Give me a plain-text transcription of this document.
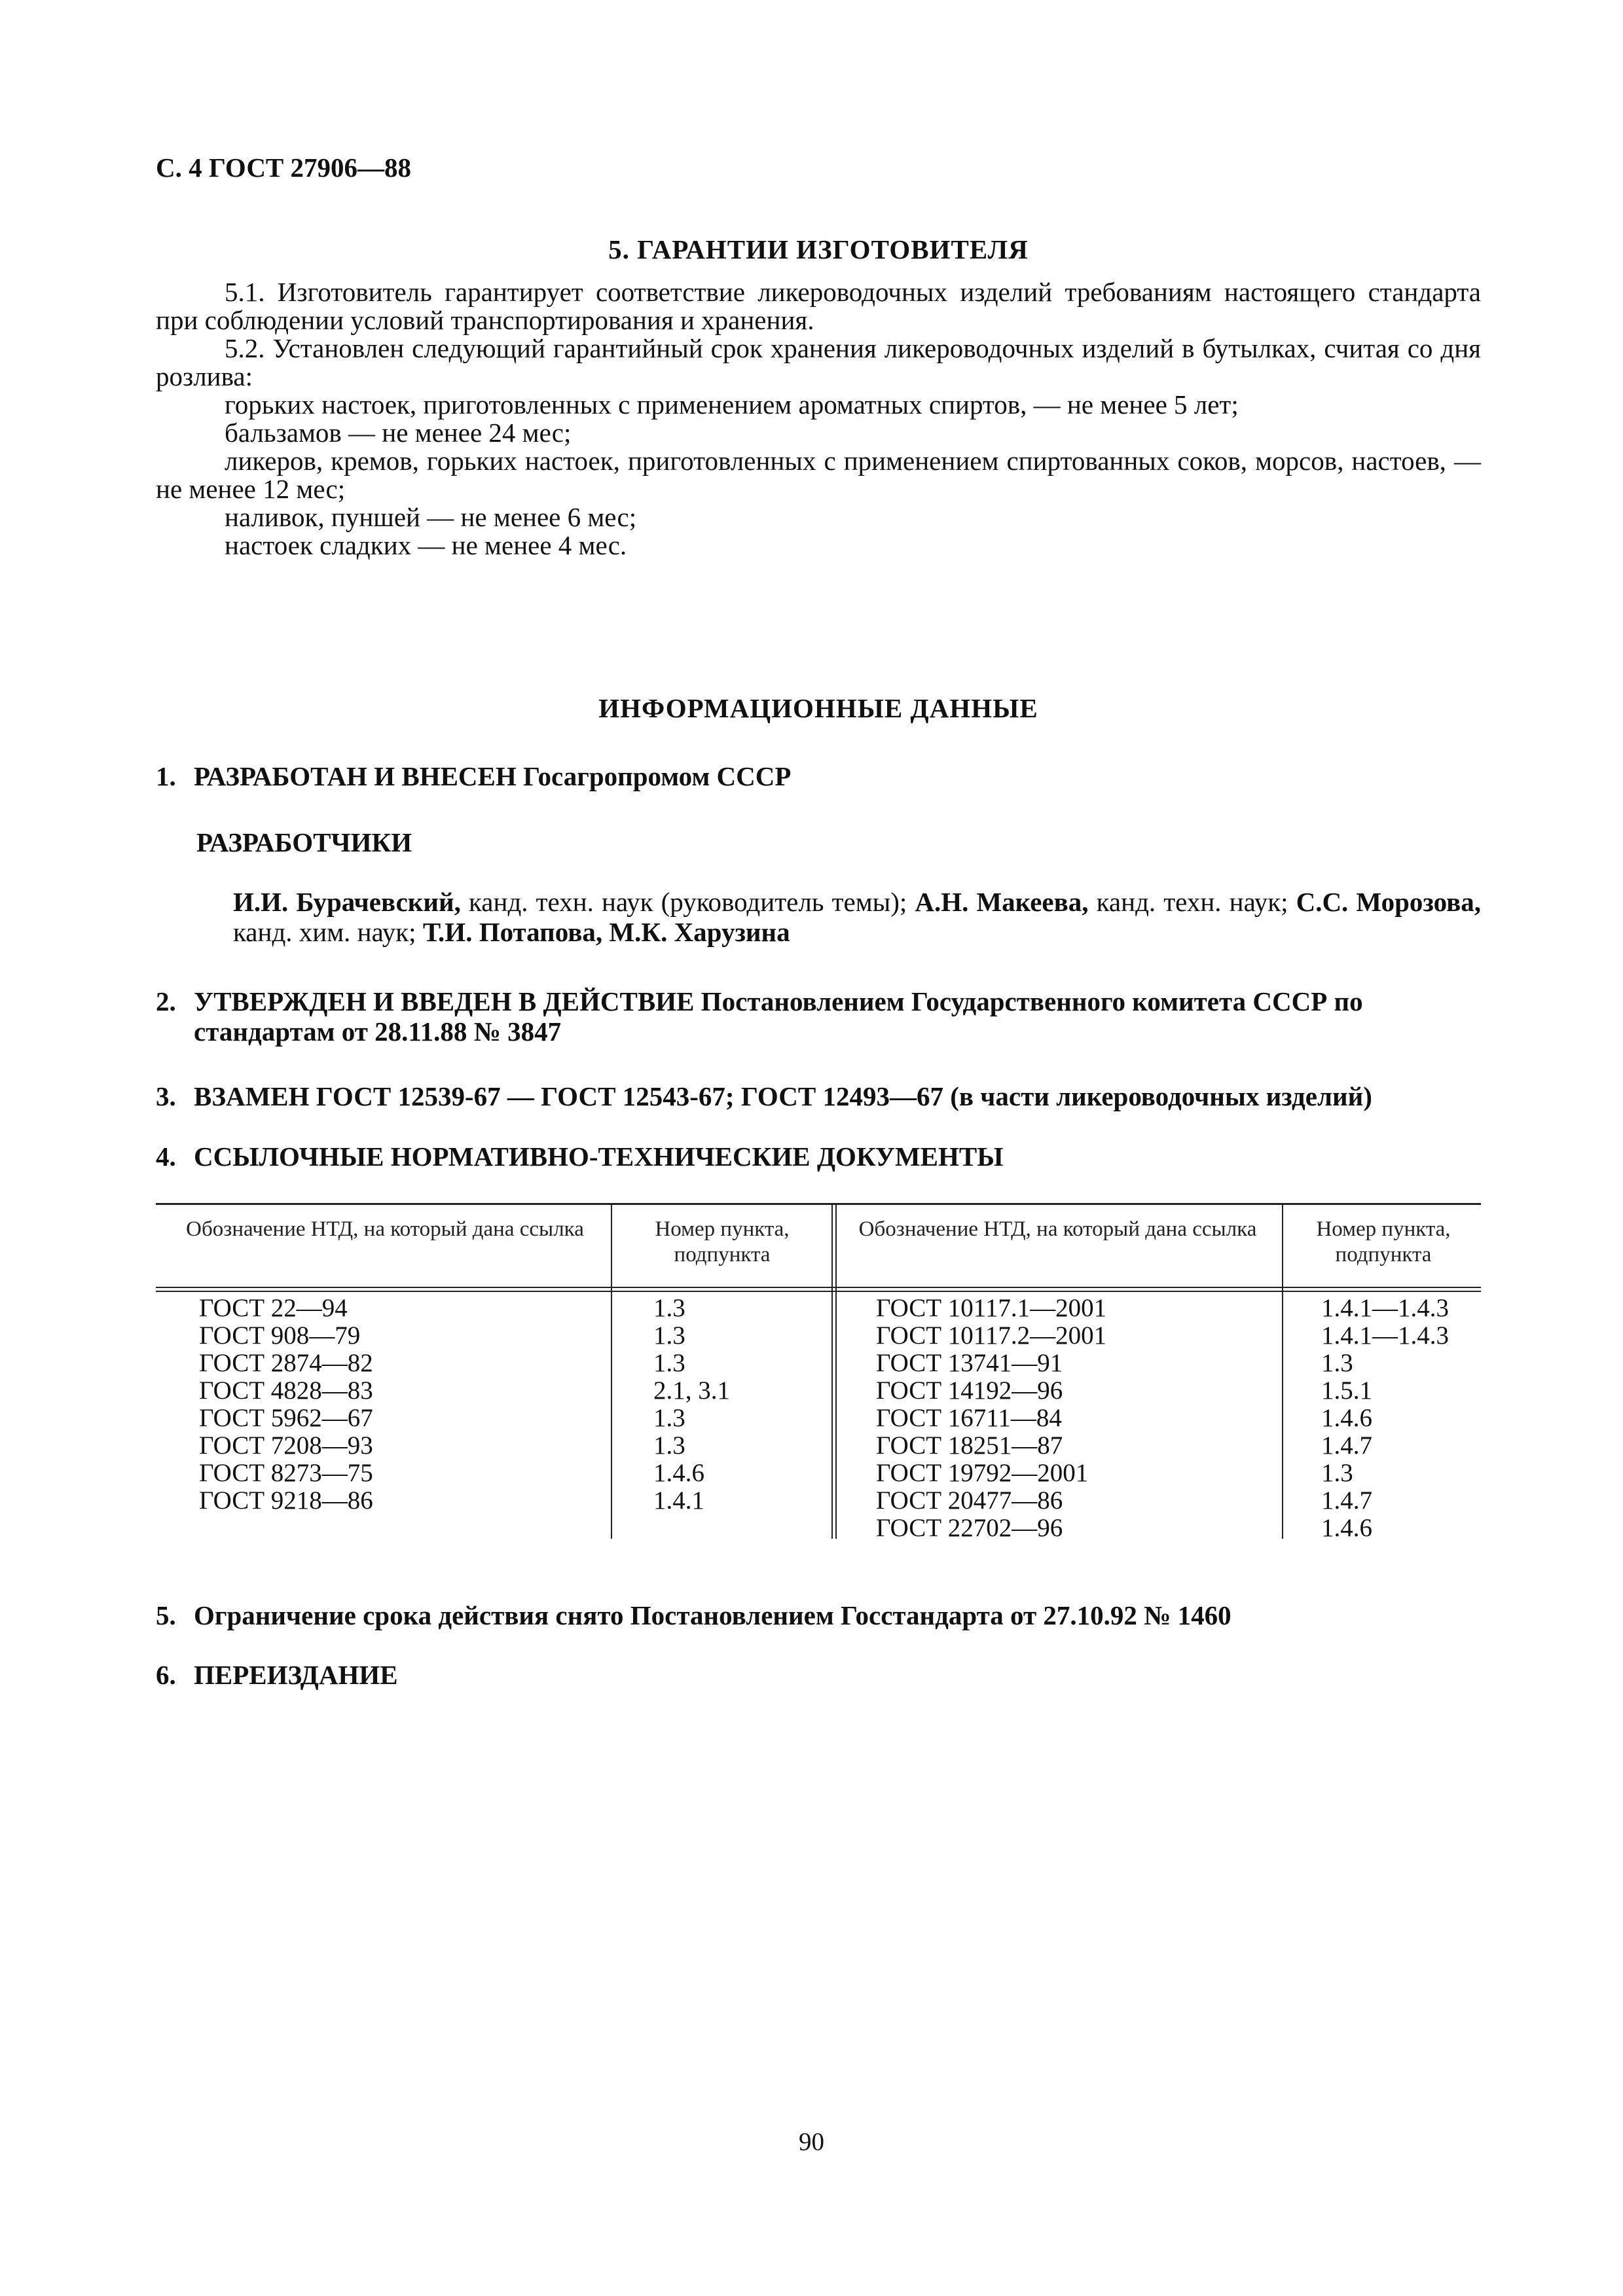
С. 4 ГОСТ 27906—88
5. ГАРАНТИИ ИЗГОТОВИТЕЛЯ
5.1. Изготовитель гарантирует соответствие ликероводочных изделий требованиям настоящего стандарта при соблюдении условий транспортирования и хранения.
5.2. Установлен следующий гарантийный срок хранения ликероводочных изделий в бутылках, считая со дня розлива:
горьких настоек, приготовленных с применением ароматных спиртов, — не менее 5 лет;
бальзамов — не менее 24 мес;
ликеров, кремов, горьких настоек, приготовленных с применением спиртованных соков, морсов, настоев, — не менее 12 мес;
наливок, пуншей — не менее 6 мес;
настоек сладких — не менее 4 мес.
ИНФОРМАЦИОННЫЕ ДАННЫЕ
1. РАЗРАБОТАН И ВНЕСЕН Госагропромом СССР
РАЗРАБОТЧИКИ
И.И. Бурачевский, канд. техн. наук (руководитель темы); А.Н. Макеева, канд. техн. наук; С.С. Морозова, канд. хим. наук; Т.И. Потапова, М.К. Харузина
2. УТВЕРЖДЕН И ВВЕДЕН В ДЕЙСТВИЕ Постановлением Государственного комитета СССР по стандартам от 28.11.88 № 3847
3. ВЗАМЕН ГОСТ 12539-67 — ГОСТ 12543-67; ГОСТ 12493—67 (в части ликероводочных изделий)
4. ССЫЛОЧНЫЕ НОРМАТИВНО-ТЕХНИЧЕСКИЕ ДОКУМЕНТЫ
Обозначение НТД, на который дана ссылка	Номер пункта, подпункта
Обозначение НТД, на который дана ссылка	Номер пункта, подпункта
ГОСТ 22—94
ГОСТ 908—79
ГОСТ 2874—82
ГОСТ 4828—83
ГОСТ 5962—67
ГОСТ 7208—93
ГОСТ 8273—75
ГОСТ 9218—86
1.3
1.3
1.3
2.1, 3.1
1.3
1.3
1.4.6
1.4.1
ГОСТ 10117.1—2001
ГОСТ 10117.2—2001
ГОСТ 13741—91
ГОСТ 14192—96
ГОСТ 16711—84
ГОСТ 18251—87
ГОСТ 19792—2001
ГОСТ 20477—86
ГОСТ 22702—96
1.4.1—1.4.3
1.4.1—1.4.3
1.3
1.5.1
1.4.6
1.4.7
1.3
1.4.7
1.4.6
5. Ограничение срока действия снято Постановлением Госстандарта от 27.10.92 № 1460
6. ПЕРЕИЗДАНИЕ
90
